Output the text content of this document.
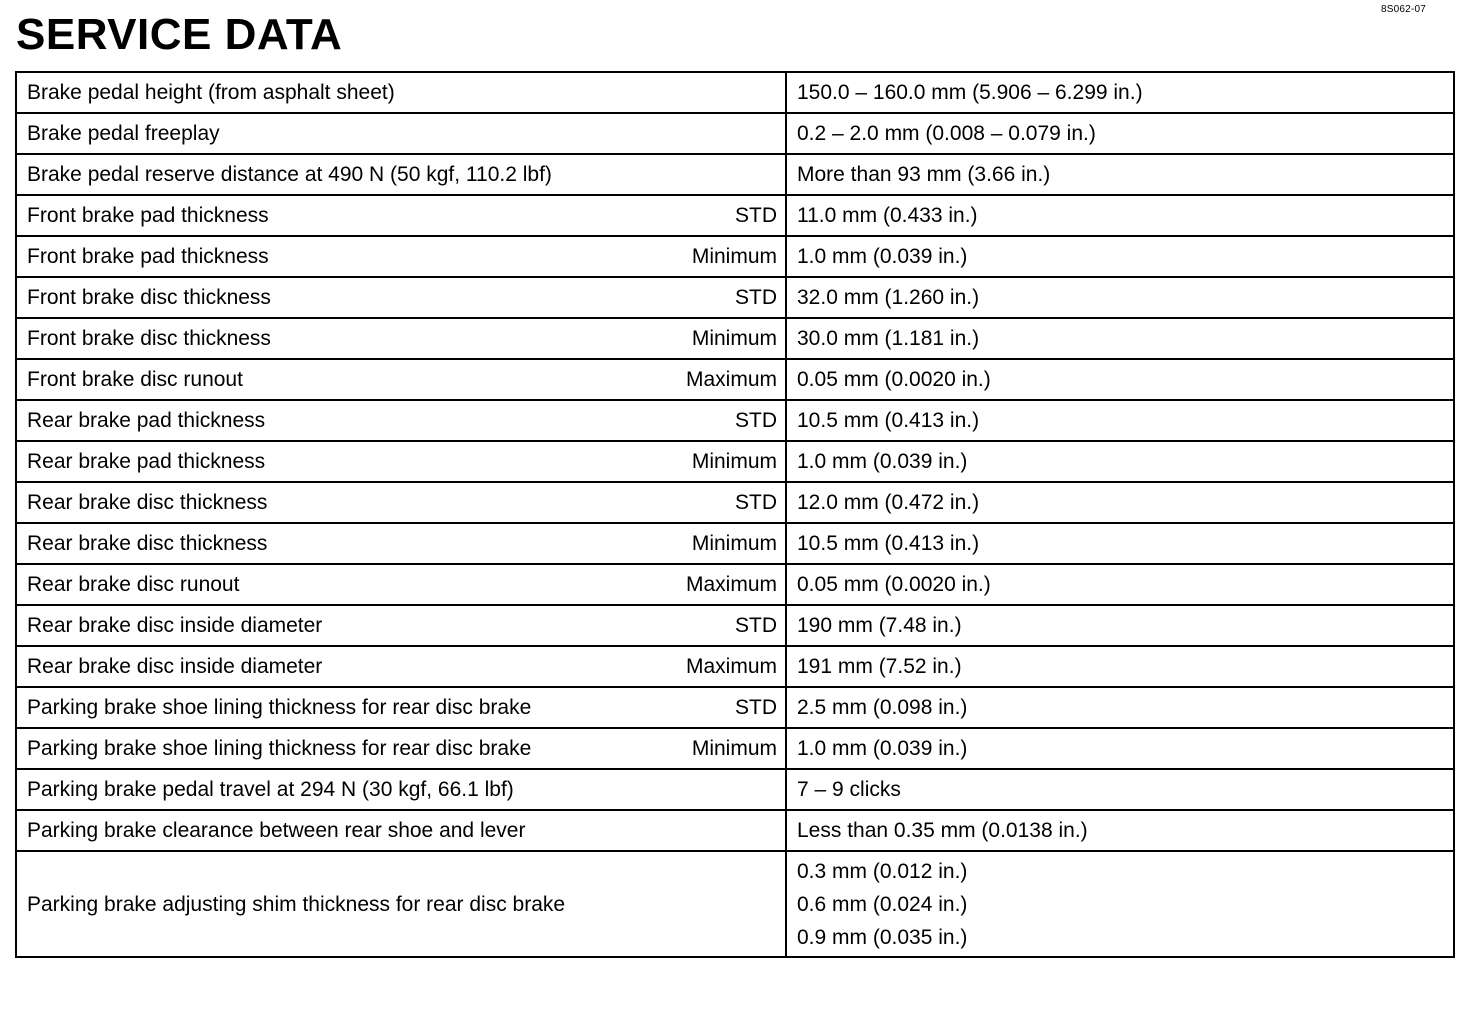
8S062-07
SERVICE DATA
Brake pedal height (from asphalt sheet)	150.0 – 160.0 mm (5.906 – 6.299 in.)

Brake pedal freeplay	0.2 – 2.0 mm (0.008 – 0.079 in.)

Brake pedal reserve distance at 490 N (50 kgf, 110.2 lbf)	More than 93 mm (3.66 in.)

Front brake pad thickness STD	11.0 mm (0.433 in.)

Front brake pad thickness Minimum	1.0 mm (0.039 in.)

Front brake disc thickness STD	32.0 mm (1.260 in.)

Front brake disc thickness Minimum	30.0 mm (1.181 in.)

Front brake disc runout Maximum	0.05 mm (0.0020 in.)

Rear brake pad thickness STD	10.5 mm (0.413 in.)

Rear brake pad thickness Minimum	1.0 mm (0.039 in.)

Rear brake disc thickness STD	12.0 mm (0.472 in.)

Rear brake disc thickness Minimum	10.5 mm (0.413 in.)

Rear brake disc runout Maximum	0.05 mm (0.0020 in.)

Rear brake disc inside diameter STD	190 mm (7.48 in.)

Rear brake disc inside diameter Maximum	191 mm (7.52 in.)

Parking brake shoe lining thickness for rear disc brake STD	2.5 mm (0.098 in.)

Parking brake shoe lining thickness for rear disc brake Minimum	1.0 mm (0.039 in.)

Parking brake pedal travel at 294 N (30 kgf, 66.1 lbf)	7 – 9 clicks

Parking brake clearance between rear shoe and lever	Less than 0.35 mm (0.0138 in.)
Parking brake adjusting shim thickness for rear disc brake	0.3 mm (0.012 in.)
0.6 mm (0.024 in.)
0.9 mm (0.035 in.)
